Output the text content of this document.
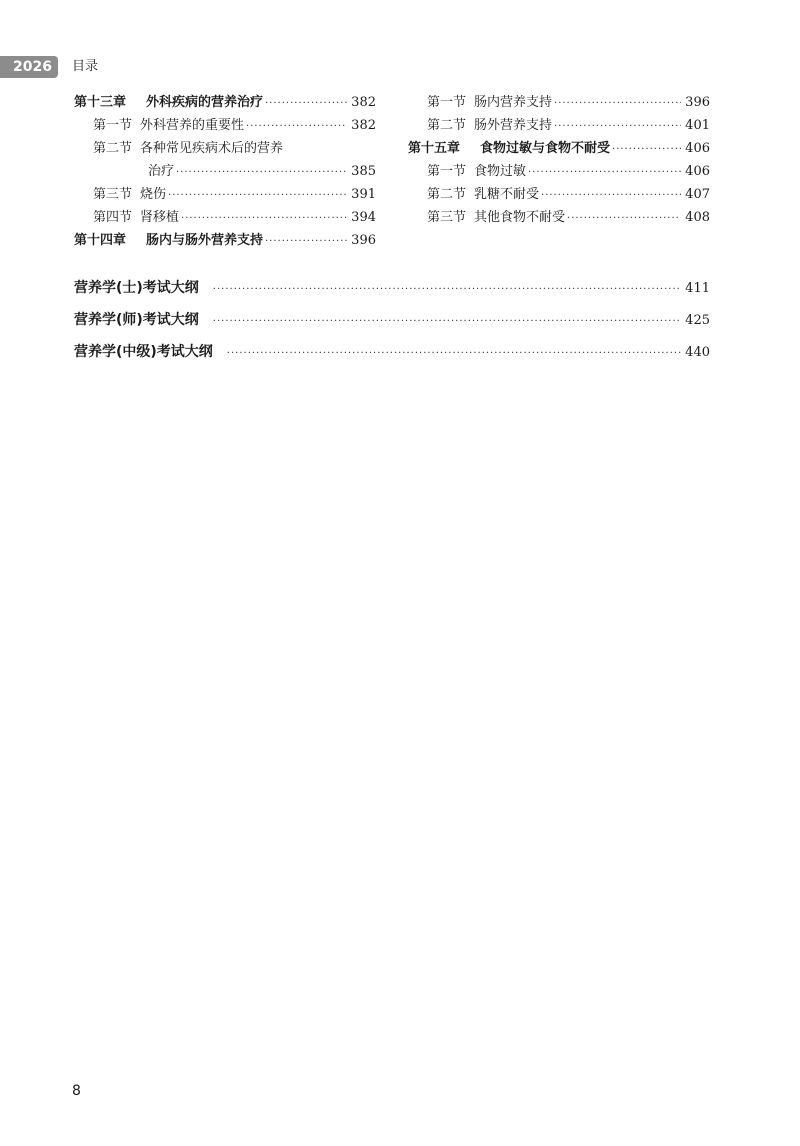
2026	目录
第十三章	外科疾病的营养治疗 ·····	382
第一节 外科营养的重要性 ·····	382
第二节 各种常见疾病术后的营养
治疗 ·····	385
第三节 烧伤 ·····	391
第四节 肾移植 ·····	394
第十四章	肠内与肠外营养支持 ·····	396
第一节 肠内营养支持 ·····	396
第二节 肠外营养支持 ·····	401
第十五章	食物过敏与食物不耐受 ·····	406
第一节 食物过敏 ·····	406
第二节 乳糖不耐受 ·····	407
第三节 其他食物不耐受 ·····	408
营养学(士)考试大纲 ·····	411
营养学(师)考试大纲 ·····	425
营养学(中级)考试大纲 ·····	440
8
